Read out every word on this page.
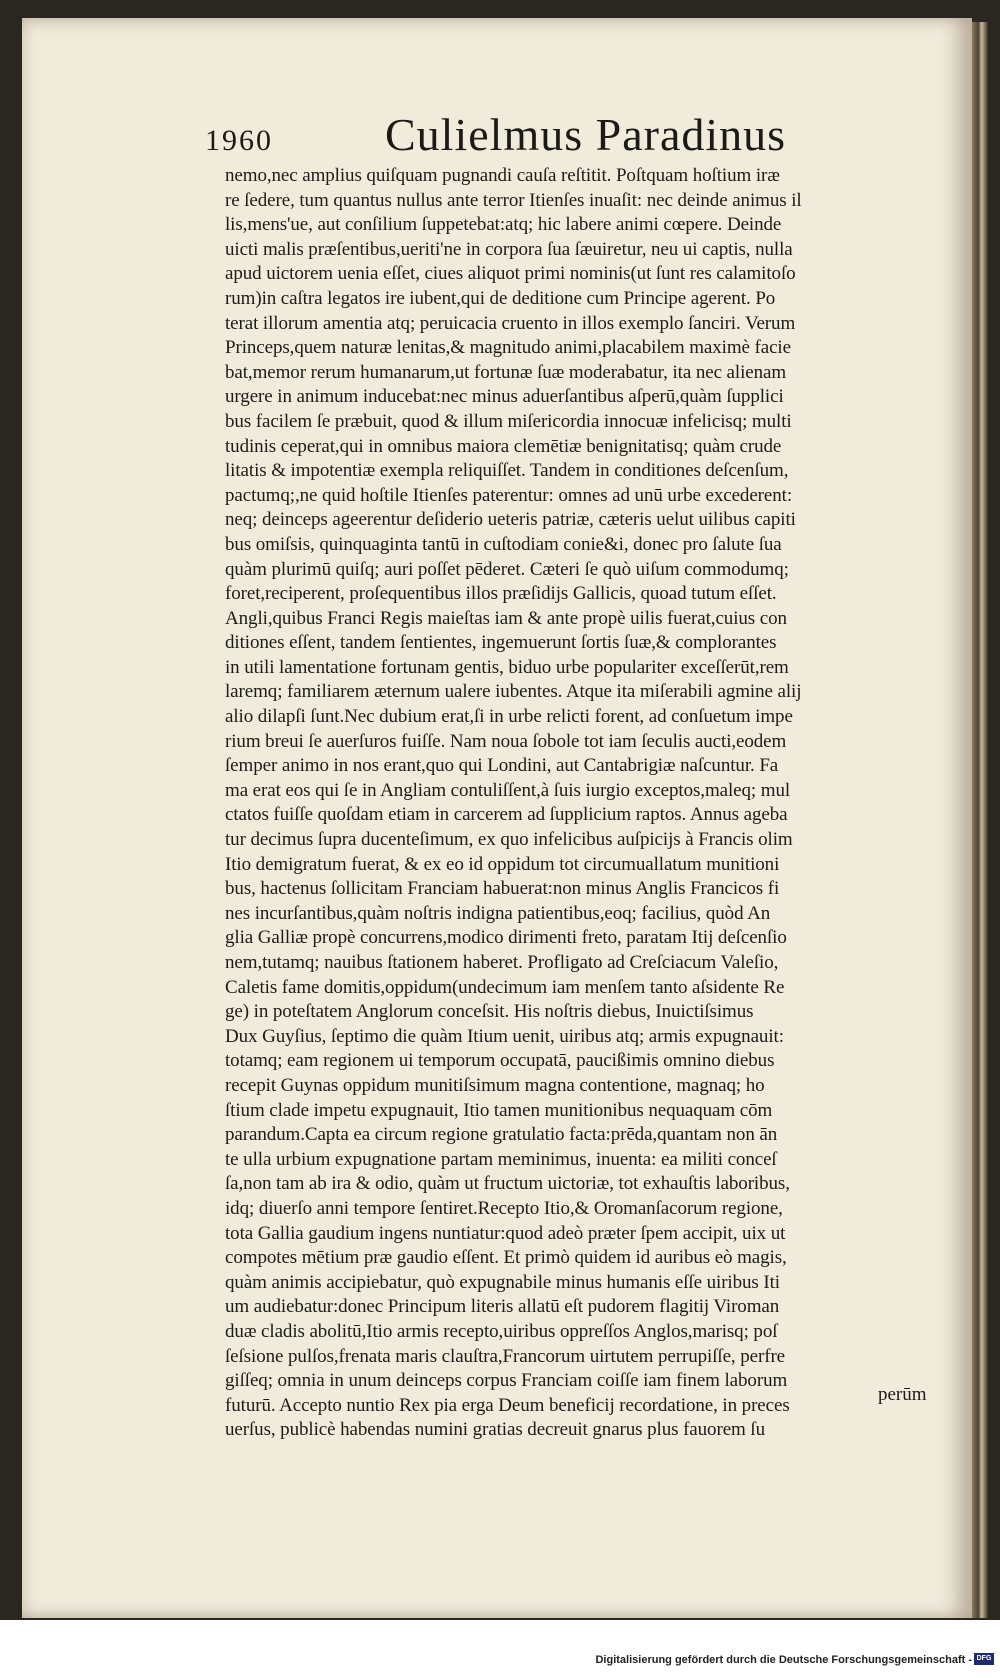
1960 Culielmus Paradinus
nemo,nec amplius quiſquam pugnandi cauſa reſtitit. Poſtquam hoſtium iræ
re ſedere, tum quantus nullus ante terror Itienſes inuaſit: nec deinde animus il
lis,mens'ue, aut conſilium ſuppetebat:atq; hic labere animi cœpere. Deinde
uicti malis præſentibus,ueriti'ne in corpora ſua ſæuiretur, neu ui captis, nulla
apud uictorem uenia eſſet, ciues aliquot primi nominis(ut ſunt res calamitoſo
rum)in caſtra legatos ire iubent,qui de deditione cum Principe agerent. Po
terat illorum amentia atq; peruicacia cruento in illos exemplo ſanciri. Verum
Princeps,quem naturæ lenitas,& magnitudo animi,placabilem maximè facie
bat,memor rerum humanarum,ut fortunæ ſuæ moderabatur, ita nec alienam
urgere in animum inducebat:nec minus aduerſantibus aſperū,quàm ſupplici
bus facilem ſe præbuit, quod & illum miſericordia innocuæ infelicisq; multi
tudinis ceperat,qui in omnibus maiora clemētiæ benignitatisq; quàm crude
litatis & impotentiæ exempla reliquiſſet. Tandem in conditiones deſcenſum,
pactumq;,ne quid hoſtile Itienſes paterentur: omnes ad unū urbe excederent:
neq; deinceps ageerentur deſiderio ueteris patriæ, cæteris uelut uilibus capiti
bus omiſsis, quinquaginta tantū in cuſtodiam conie&i, donec pro ſalute ſua
quàm plurimū quiſq; auri poſſet pēderet. Cæteri ſe quò uiſum commodumq;
foret,reciperent, proſequentibus illos præſidijs Gallicis, quoad tutum eſſet.
Angli,quibus Franci Regis maieſtas iam & ante propè uilis fuerat,cuius con
ditiones eſſent, tandem ſentientes, ingemuerunt ſortis ſuæ,& complorantes
in utili lamentatione fortunam gentis, biduo urbe populariter exceſſerūt,rem
laremq; familiarem æternum ualere iubentes. Atque ita miſerabili agmine alij
alio dilapſi ſunt.Nec dubium erat,ſi in urbe relicti forent, ad conſuetum impe
rium breui ſe auerſuros fuiſſe. Nam noua ſobole tot iam ſeculis aucti,eodem
ſemper animo in nos erant,quo qui Londini, aut Cantabrigiæ naſcuntur. Fa
ma erat eos qui ſe in Angliam contuliſſent,à ſuis iurgio exceptos,maleq; mul
ctatos fuiſſe quoſdam etiam in carcerem ad ſupplicium raptos. Annus ageba
tur decimus ſupra ducenteſimum, ex quo infelicibus auſpicijs à Francis olim
Itio demigratum fuerat, & ex eo id oppidum tot circumuallatum munitioni
bus, hactenus ſollicitam Franciam habuerat:non minus Anglis Francicos fi
nes incurſantibus,quàm noſtris indigna patientibus,eoq; facilius, quòd An
glia Galliæ propè concurrens,modico dirimenti freto, paratam Itij deſcenſio
nem,tutamq; nauibus ſtationem haberet. Profligato ad Creſciacum Valeſio,
Caletis fame domitis,oppidum(undecimum iam menſem tanto aſsidente Re
ge) in poteſtatem Anglorum conceſsit. His noſtris diebus, Inuictiſsimus
Dux Guyſius, ſeptimo die quàm Itium uenit, uiribus atq; armis expugnauit:
totamq; eam regionem ui temporum occupatā, paucißimis omnino diebus
recepit Guynas oppidum munitiſsimum magna contentione, magnaq; ho
ſtium clade impetu expugnauit, Itio tamen munitionibus nequaquam cōm
parandum.Capta ea circum regione gratulatio facta:prēda,quantam non ān
te ulla urbium expugnatione partam meminimus, inuenta: ea militi conceſ
ſa,non tam ab ira & odio, quàm ut fructum uictoriæ, tot exhauſtis laboribus,
idq; diuerſo anni tempore ſentiret.Recepto Itio,& Oromanſacorum regione,
tota Gallia gaudium ingens nuntiatur:quod adeò præter ſpem accipit, uix ut
compotes mētium præ gaudio eſſent. Et primò quidem id auribus eò magis,
quàm animis accipiebatur, quò expugnabile minus humanis eſſe uiribus Iti
um audiebatur:donec Principum literis allatū eſt pudorem flagitij Viroman
duæ cladis abolitū,Itio armis recepto,uiribus oppreſſos Anglos,marisq; poſ
ſeſsione pulſos,frenata maris clauſtra,Francorum uirtutem perrupiſſe, perfre
giſſeq; omnia in unum deinceps corpus Franciam coiſſe iam finem laborum
futurū. Accepto nuntio Rex pia erga Deum beneficij recordatione, in preces
uerſus, publicè habendas numini gratias decreuit gnarus plus fauorem ſu
perūm
Digitalisierung gefördert durch die Deutsche Forschungsgemeinschaft - DFG
